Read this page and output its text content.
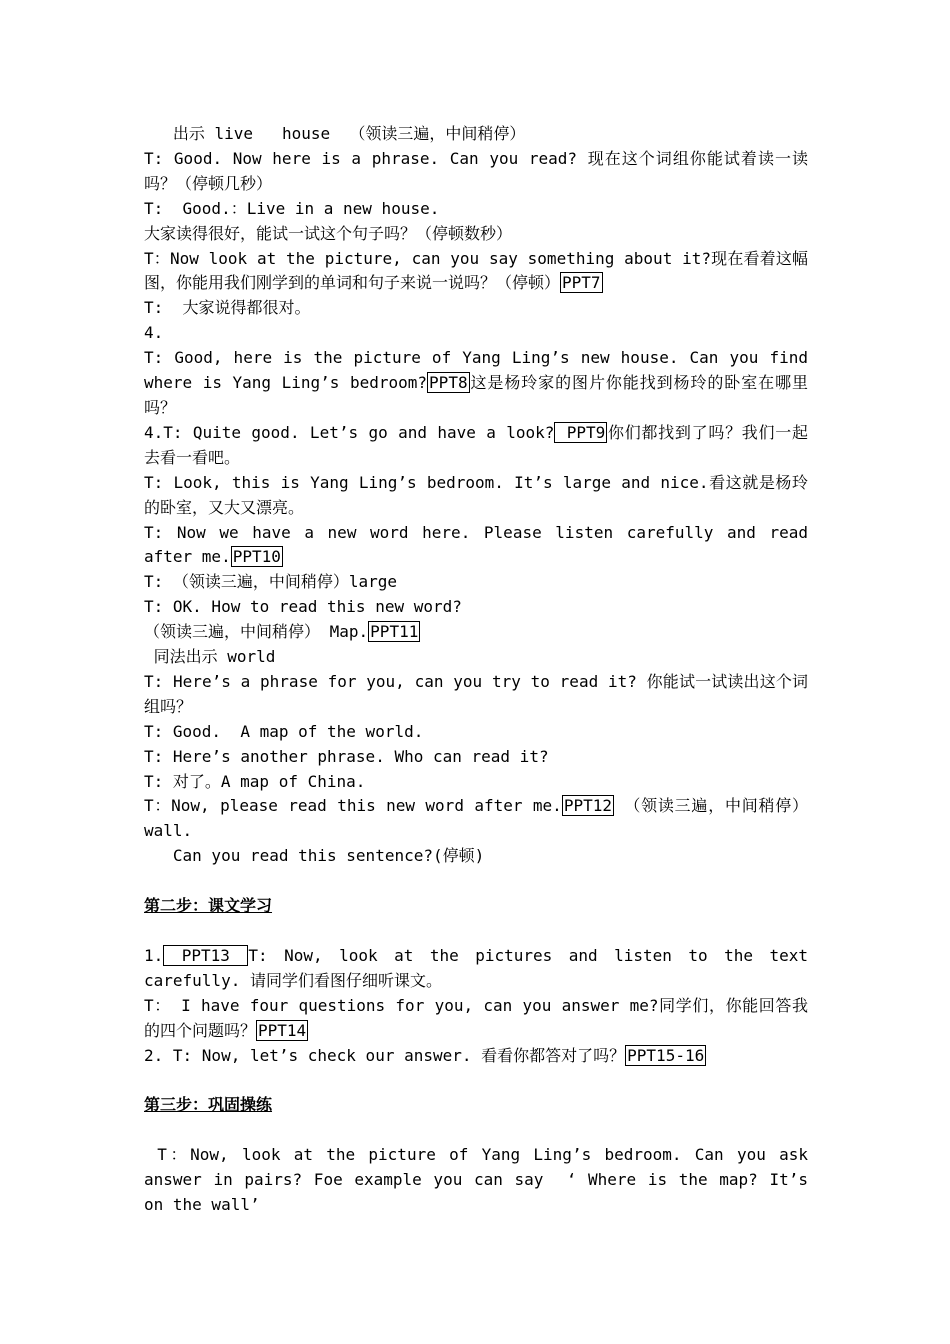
出示 live   house  （领读三遍，中间稍停）

T: Good. Now here is a phrase. Can you read? 现在这个词组你能试着读一读吗？（停顿几秒）

T:  Good.：Live in a new house.

大家读得很好，能试一试这个句子吗？（停顿数秒）

T：Now look at the picture, can you say something about it?现在看着这幅图，你能用我们刚学到的单词和句子来说一说吗？（停顿） PPT7

T:  大家说得都很对。

4.

T: Good, here is the picture of Yang Ling’s new house. Can you find where is Yang Ling’s bedroom? PPT8 这是杨玲家的图片你能找到杨玲的卧室在哪里吗？

4.T: Quite good. Let’s go and have a look? PPT9 你们都找到了吗？我们一起去看一看吧。

T: Look, this is Yang Ling’s bedroom. It’s large and nice.看这就是杨玲的卧室，又大又漂亮。

T: Now we have a new word here. Please listen carefully and read after me. PPT10

T: （领读三遍，中间稍停）large

T: OK. How to read this new word?

（领读三遍，中间稍停） Map. PPT11

同法出示 world

T: Here’s a phrase for you, can you try to read it? 你能试一试读出这个词组吗？

T: Good.  A map of the world.

T: Here’s another phrase. Who can read it?

T: 对了。A map of China.

T：Now, please read this new word after me. PPT12 （领读三遍，中间稍停）wall.

Can you read this sentence?(停顿)

第二步：课文学习

1. PPT13 T: Now, look at the pictures and listen to the text carefully. 请同学们看图仔细听课文。

T： I have four questions for you, can you answer me?同学们，你能回答我的四个问题吗？ PPT14

2. T: Now, let’s check our answer. 看看你都答对了吗？ PPT15-16

第三步：巩固操练

T：Now, look at the picture of Yang Ling’s bedroom. Can you ask answer in pairs? Foe example you can say  ‘ Where is the map? It’s on the wall’
